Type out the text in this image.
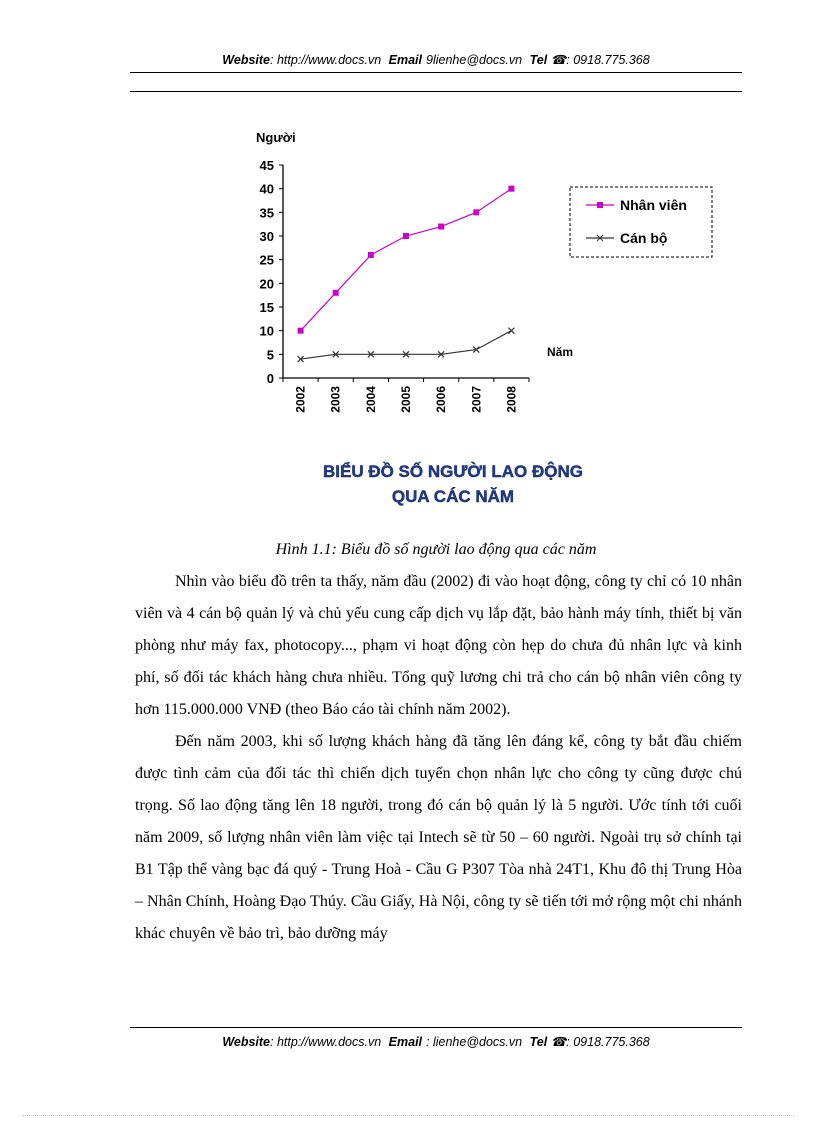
Website: http://www.docs.vn Email 9lienhe@docs.vn Tel ☎: 0918.775.368
0
5
10
15
20
25
30
35
40
45
2002 2003 2004 2005 2006 2007 2008
Nhân viên
Cán bộ
Người
Năm
BIỂU ĐỒ SỐ NGƯỜI LAO ĐỘNG
QUA CÁC NĂM
Hình 1.1: Biểu đồ số người lao động qua các năm

Nhìn vào biểu đồ trên ta thấy, năm đầu (2002) đi vào hoạt động, công ty chỉ có 10 nhân viên và 4 cán bộ quản lý và chủ yếu cung cấp dịch vụ lắp đặt, bảo hành máy tính, thiết bị văn phòng như máy fax, photocopy..., phạm vi hoạt động còn hẹp do chưa đủ nhân lực và kinh phí, số đối tác khách hàng chưa nhiều. Tổng quỹ lương chi trả cho cán bộ nhân viên công ty hơn 115.000.000 VNĐ (theo Báo cáo tài chính năm 2002).

Đến năm 2003, khi số lượng khách hàng đã tăng lên đáng kể, công ty bắt đầu chiếm được tình cảm của đối tác thì chiến dịch tuyển chọn nhân lực cho công ty cũng được chú trọng. Số lao động tăng lên 18 người, trong đó cán bộ quản lý là 5 người. Ước tính tới cuối năm 2009, số lượng nhân viên làm việc tại Intech sẽ từ 50 – 60 người. Ngoài trụ sở chính tại B1 Tập thể vàng bạc đá quý - Trung Hoà - Cầu G P307 Tòa nhà 24T1, Khu đô thị Trung Hòa – Nhân Chính, Hoàng Đạo Thúy. Cầu Giấy, Hà Nội, công ty sẽ tiến tới mở rộng một chi nhánh khác chuyên về bảo trì, bảo dưỡng máy

Website: http://www.docs.vn Email : lienhe@docs.vn Tel ☎: 0918.775.368
